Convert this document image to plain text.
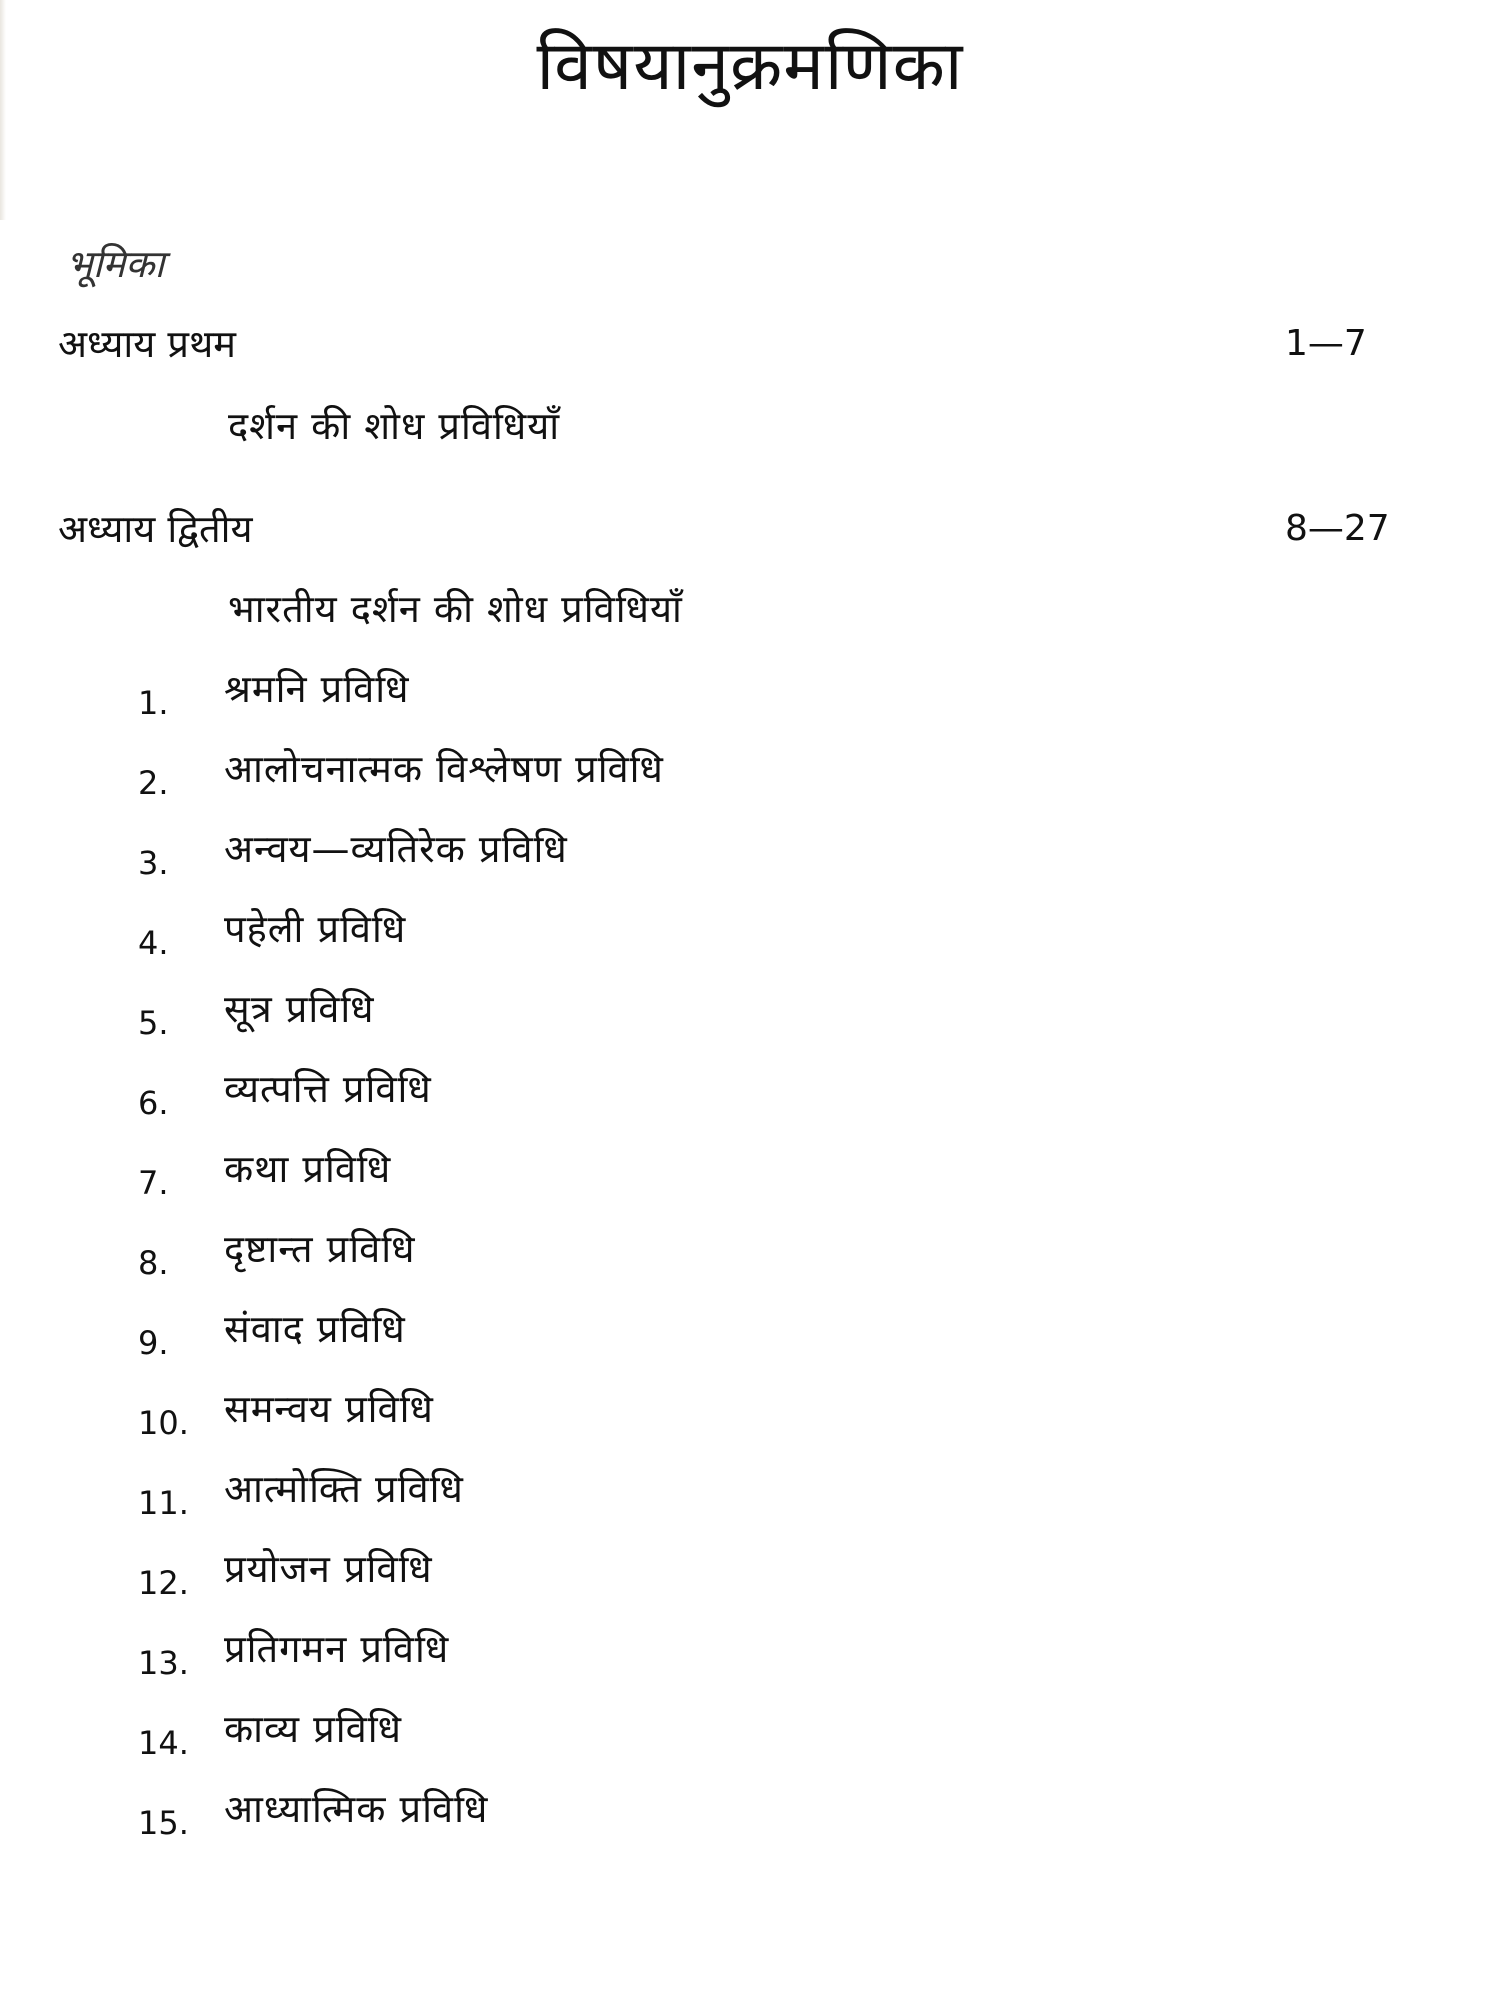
विषयानुक्रमणिका
भूमिका
अध्याय प्रथम	1—7
दर्शन की शोध प्रविधियाँ
अध्याय द्वितीय	8—27
भारतीय दर्शन की शोध प्रविधियाँ
1. श्रमनि प्रविधि
2. आलोचनात्मक विश्लेषण प्रविधि
3. अन्वय—व्यतिरेक प्रविधि
4. पहेली प्रविधि
5. सूत्र प्रविधि
6. व्यत्पत्ति प्रविधि
7. कथा प्रविधि
8. दृष्टान्त प्रविधि
9. संवाद प्रविधि
10. समन्वय प्रविधि
11. आत्मोक्ति प्रविधि
12. प्रयोजन प्रविधि
13. प्रतिगमन प्रविधि
14. काव्य प्रविधि
15. आध्यात्मिक प्रविधि
